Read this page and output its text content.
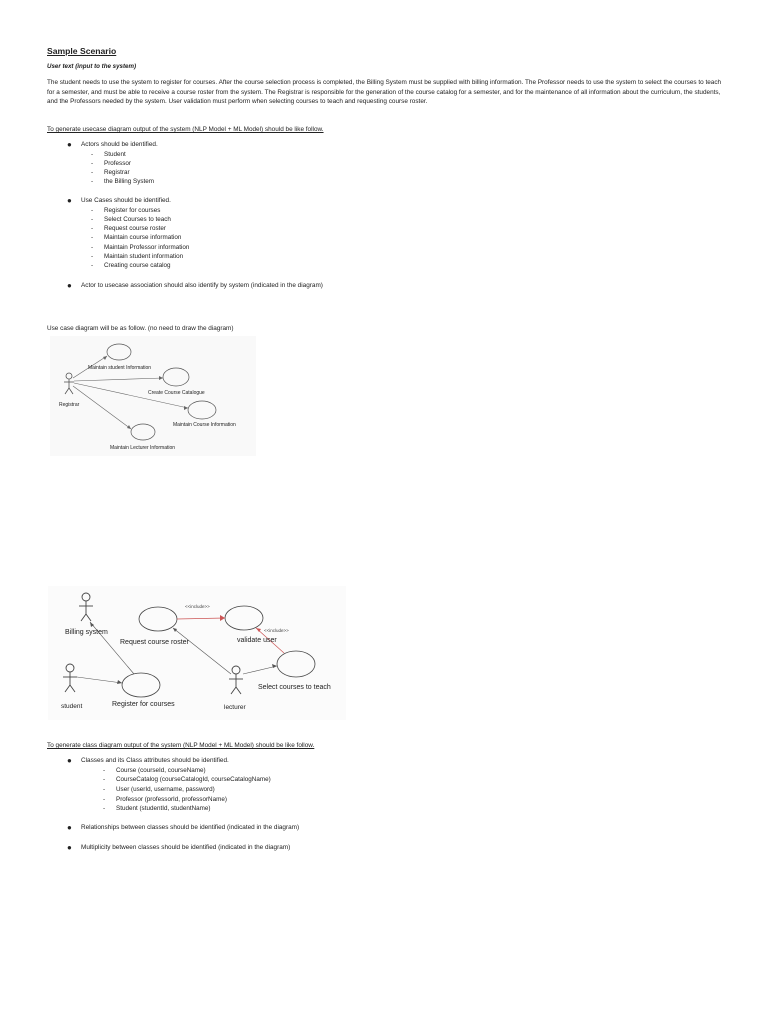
Sample Scenario
User text (input to the system)
The student needs to use the system to register for courses. After the course selection process is completed, the Billing System must be supplied with billing information. The Professor needs to use the system to select the courses to teach for a semester, and must be able to receive a course roster from the system. The Registrar is responsible for the generation of the course catalog for a semester, and for the maintenance of all information about the curriculum, the students, and the Professors needed by the system. User validation must perform when selecting courses to teach and requesting course roster.
To generate usecase diagram output of the system (NLP Model + ML Model) should be like follow.
● Actors should be identified.
- Student
- Professor
- Registrar
- the Billing System
● Use Cases should be identified.
- Register for courses
- Select Courses to teach
- Request course roster
- Maintain course information
- Maintain Professor information
- Maintain student information
- Creating course catalog
● Actor to usecase association should also identify by system (indicated in the diagram)
Use case diagram will be as follow. (no need to draw the diagram)
Registrar
Maintain student Information
Create Course Catalogue
Maintain Course Information
Maintain Lecturer Information
Billing system
student	lecturer
Request course roster	validate user
Select courses to teach
Register for courses
<<include>>
<<include>>
To generate class diagram output of the system (NLP Model + ML Model) should be like follow.
● Classes and its Class attributes should be identified.
- Course (courseId, courseName)
- CourseCatalog (courseCatalogId, courseCatalogName)
- User (userId, username, password)
- Professor (professorId, professorName)
- Student (studentId, studentName)
● Relationships between classes should be identified (indicated in the diagram)
● Multiplicity between classes should be identified (indicated in the diagram)
